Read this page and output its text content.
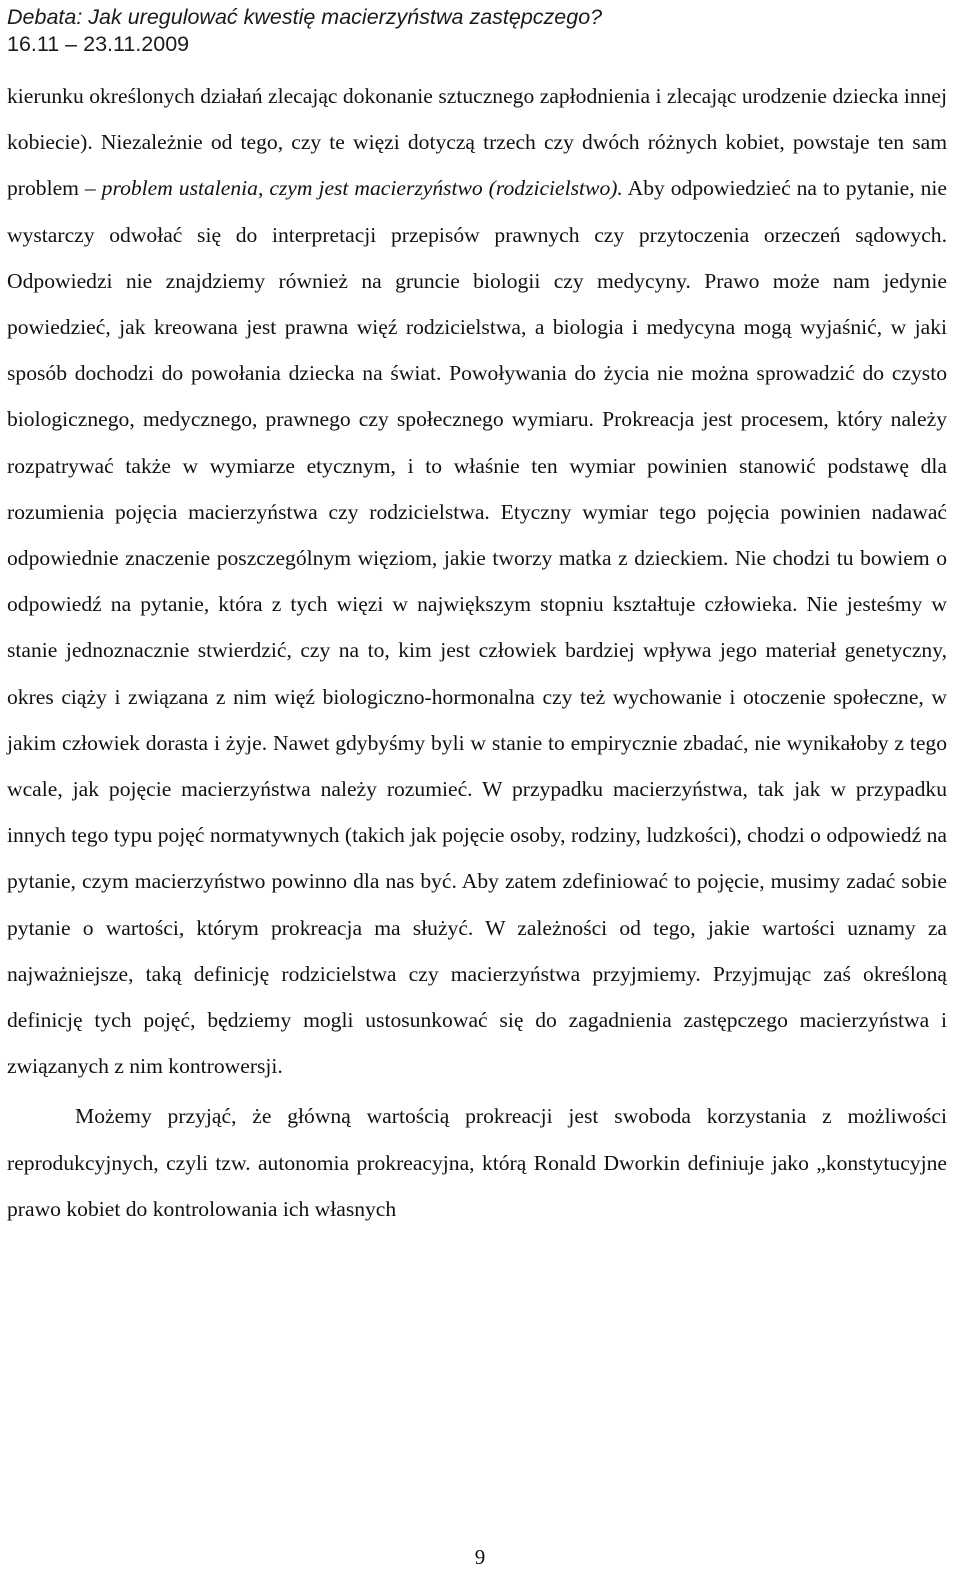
Debata: Jak uregulować kwestię macierzyństwa zastępczego?
16.11 – 23.11.2009

kierunku określonych działań zlecając dokonanie sztucznego zapłodnienia i zlecając urodzenie dziecka innej kobiecie). Niezależnie od tego, czy te więzi dotyczą trzech czy dwóch różnych kobiet, powstaje ten sam problem – problem ustalenia, czym jest macierzyństwo (rodzicielstwo). Aby odpowiedzieć na to pytanie, nie wystarczy odwołać się do interpretacji przepisów prawnych czy przytoczenia orzeczeń sądowych. Odpowiedzi nie znajdziemy również na gruncie biologii czy medycyny. Prawo może nam jedynie powiedzieć, jak kreowana jest prawna więź rodzicielstwa, a biologia i medycyna mogą wyjaśnić, w jaki sposób dochodzi do powołania dziecka na świat. Powoływania do życia nie można sprowadzić do czysto biologicznego, medycznego, prawnego czy społecznego wymiaru. Prokreacja jest procesem, który należy rozpatrywać także w wymiarze etycznym, i to właśnie ten wymiar powinien stanowić podstawę dla rozumienia pojęcia macierzyństwa czy rodzicielstwa. Etyczny wymiar tego pojęcia powinien nadawać odpowiednie znaczenie poszczególnym więziom, jakie tworzy matka z dzieckiem. Nie chodzi tu bowiem o odpowiedź na pytanie, która z tych więzi w największym stopniu kształtuje człowieka. Nie jesteśmy w stanie jednoznacznie stwierdzić, czy na to, kim jest człowiek bardziej wpływa jego materiał genetyczny, okres ciąży i związana z nim więź biologiczno-hormonalna czy też wychowanie i otoczenie społeczne, w jakim człowiek dorasta i żyje. Nawet gdybyśmy byli w stanie to empirycznie zbadać, nie wynikałoby z tego wcale, jak pojęcie macierzyństwa należy rozumieć. W przypadku macierzyństwa, tak jak w przypadku innych tego typu pojęć normatywnych (takich jak pojęcie osoby, rodziny, ludzkości), chodzi o odpowiedź na pytanie, czym macierzyństwo powinno dla nas być. Aby zatem zdefiniować to pojęcie, musimy zadać sobie pytanie o wartości, którym prokreacja ma służyć. W zależności od tego, jakie wartości uznamy za najważniejsze, taką definicję rodzicielstwa czy macierzyństwa przyjmiemy. Przyjmując zaś określoną definicję tych pojęć, będziemy mogli ustosunkować się do zagadnienia zastępczego macierzyństwa i związanych z nim kontrowersji.

Możemy przyjąć, że główną wartością prokreacji jest swoboda korzystania z możliwości reprodukcyjnych, czyli tzw. autonomia prokreacyjna, którą Ronald Dworkin definiuje jako „konstytucyjne prawo kobiet do kontrolowania ich własnych

9
